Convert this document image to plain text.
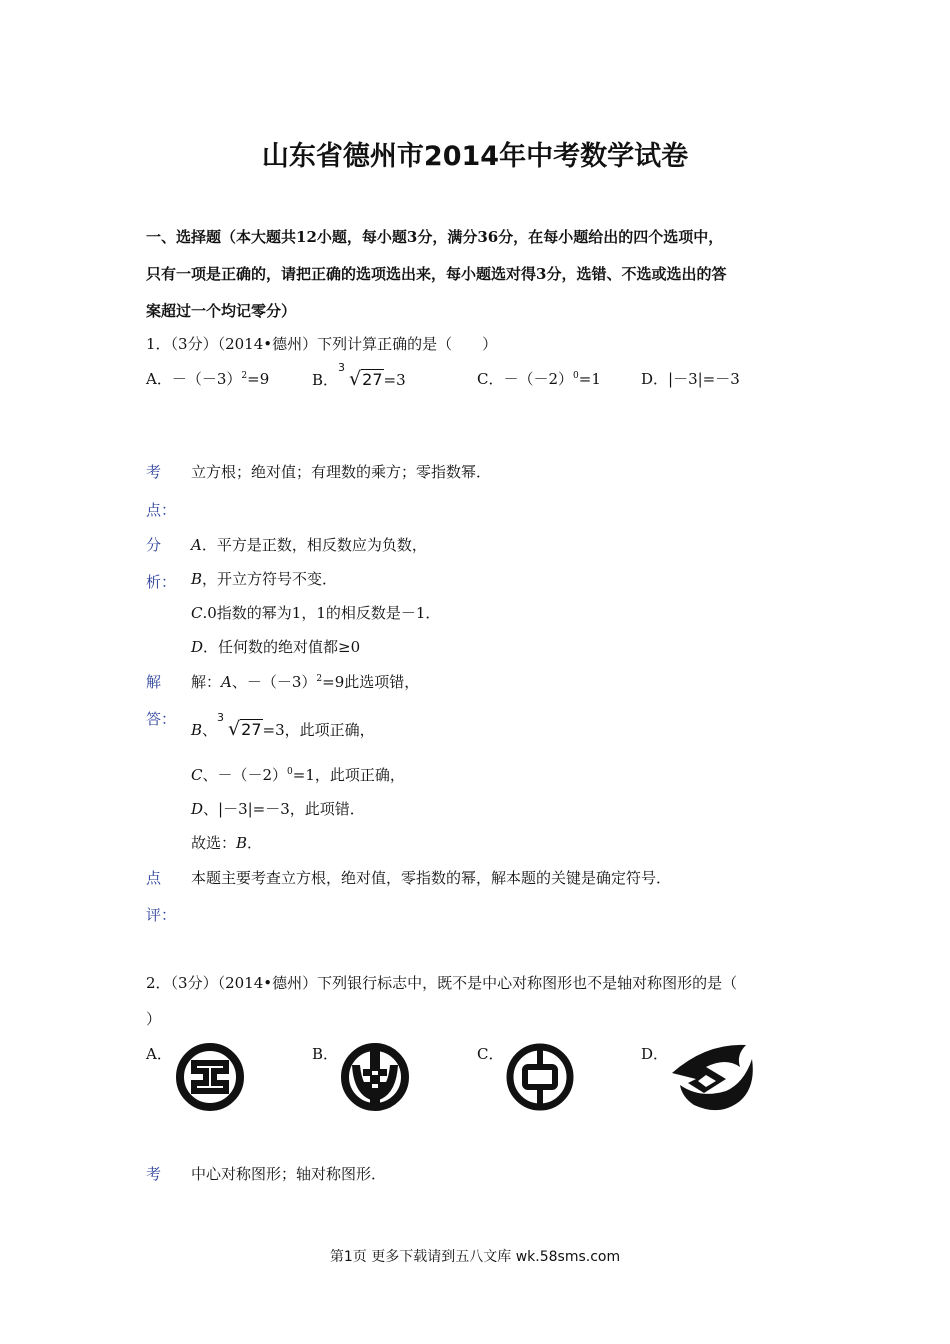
山东省德州市2014年中考数学试卷
一、选择题（本大题共12小题，每小题3分，满分36分，在每小题给出的四个选项中，
只有一项是正确的，请把正确的选项选出来，每小题选对得3分，选错、不选或选出的答
案超过一个均记零分）
1．（3分）（2014•德州）下列计算正确的是（　　）
A．$-(-3)^2=9$	B．
3
√27=3	C．$-(-2)^0=1$	D．|－3|=－3
考
点：
立方根；绝对值；有理数的乘方；零指数幂．
分
析：
A．平方是正数，相反数应为负数，
B，开立方符号不变．
C.0指数的幂为1，1的相反数是－1．
D．任何数的绝对值都≥0
解
答：
解：A、$-(-3)^2=9$此选项错，
B、
3
√27=3，此项正确，
C、$-(-2)^0=1$，此项正确，
D、|－3|=－3，此项错．
故选：B．
点
评：
本题主要考查立方根，绝对值，零指数的幂，解本题的关键是确定符号．
2．（3分）（2014•德州）下列银行标志中，既不是中心对称图形也不是轴对称图形的是（
）
A．	B．	C．	D．
考 中心对称图形；轴对称图形．
第1页 更多下载请到五八文库 wk.58sms.com
